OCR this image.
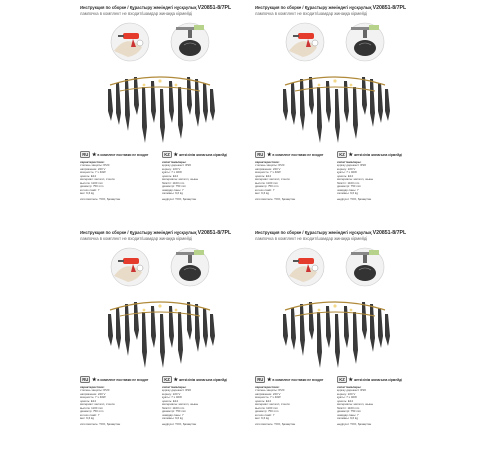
Инструкция по сборке / Құрастыру жөніндегі нұсқаулық V20851-8/7PL
лампочка в комплект не входит/шамдар жинаққа кірмейді
RU ★в комплект поставки не входят
характеристики:
степень защиты: IP20
напряжение: 220 V
мощность: 7 x 40W
цоколь: E14
материал: металл, стекло
высота: 1100 mm
диаметр: 750 mm
кол-во ламп: 7
вес: 9,6 kg
изготовитель: ТОО, Қазақстан
KZ ★жеткізілім жинағына кірмейді
сипаттамалары:
қорғау дәрежесі: IP20
кернеу: 220 V
қуаты: 7 x 40W
цоколь: E14
материалы: металл, шыны
биіктігі: 1100 mm
диаметрі: 750 mm
шамдар саны: 7
салмағы: 9,6 kg
өндіруші: ТОО, Қазақстан
Инструкция по сборке / Құрастыру жөніндегі нұсқаулық V20851-8/7PL
лампочка в комплект не входит/шамдар жинаққа кірмейді
RU ★в комплект поставки не входят
характеристики:
степень защиты: IP20
напряжение: 220 V
мощность: 7 x 40W
цоколь: E14
материал: металл, стекло
высота: 1100 mm
диаметр: 750 mm
кол-во ламп: 7
вес: 9,6 kg
изготовитель: ТОО, Қазақстан
KZ ★жеткізілім жинағына кірмейді
сипаттамалары:
қорғау дәрежесі: IP20
кернеу: 220 V
қуаты: 7 x 40W
цоколь: E14
материалы: металл, шыны
биіктігі: 1100 mm
диаметрі: 750 mm
шамдар саны: 7
салмағы: 9,6 kg
өндіруші: ТОО, Қазақстан
Инструкция по сборке / Құрастыру жөніндегі нұсқаулық V20851-8/7PL
лампочка в комплект не входит/шамдар жинаққа кірмейді
RU ★в комплект поставки не входят
характеристики:
степень защиты: IP20
напряжение: 220 V
мощность: 7 x 40W
цоколь: E14
материал: металл, стекло
высота: 1100 mm
диаметр: 750 mm
кол-во ламп: 7
вес: 9,6 kg
изготовитель: ТОО, Қазақстан
KZ ★жеткізілім жинағына кірмейді
сипаттамалары:
қорғау дәрежесі: IP20
кернеу: 220 V
қуаты: 7 x 40W
цоколь: E14
материалы: металл, шыны
биіктігі: 1100 mm
диаметрі: 750 mm
шамдар саны: 7
салмағы: 9,6 kg
өндіруші: ТОО, Қазақстан
Инструкция по сборке / Құрастыру жөніндегі нұсқаулық V20851-8/7PL
лампочка в комплект не входит/шамдар жинаққа кірмейді
RU ★в комплект поставки не входят
характеристики:
степень защиты: IP20
напряжение: 220 V
мощность: 7 x 40W
цоколь: E14
материал: металл, стекло
высота: 1100 mm
диаметр: 750 mm
кол-во ламп: 7
вес: 9,6 kg
изготовитель: ТОО, Қазақстан
KZ ★жеткізілім жинағына кірмейді
сипаттамалары:
қорғау дәрежесі: IP20
кернеу: 220 V
қуаты: 7 x 40W
цоколь: E14
материалы: металл, шыны
биіктігі: 1100 mm
диаметрі: 750 mm
шамдар саны: 7
салмағы: 9,6 kg
өндіруші: ТОО, Қазақстан
